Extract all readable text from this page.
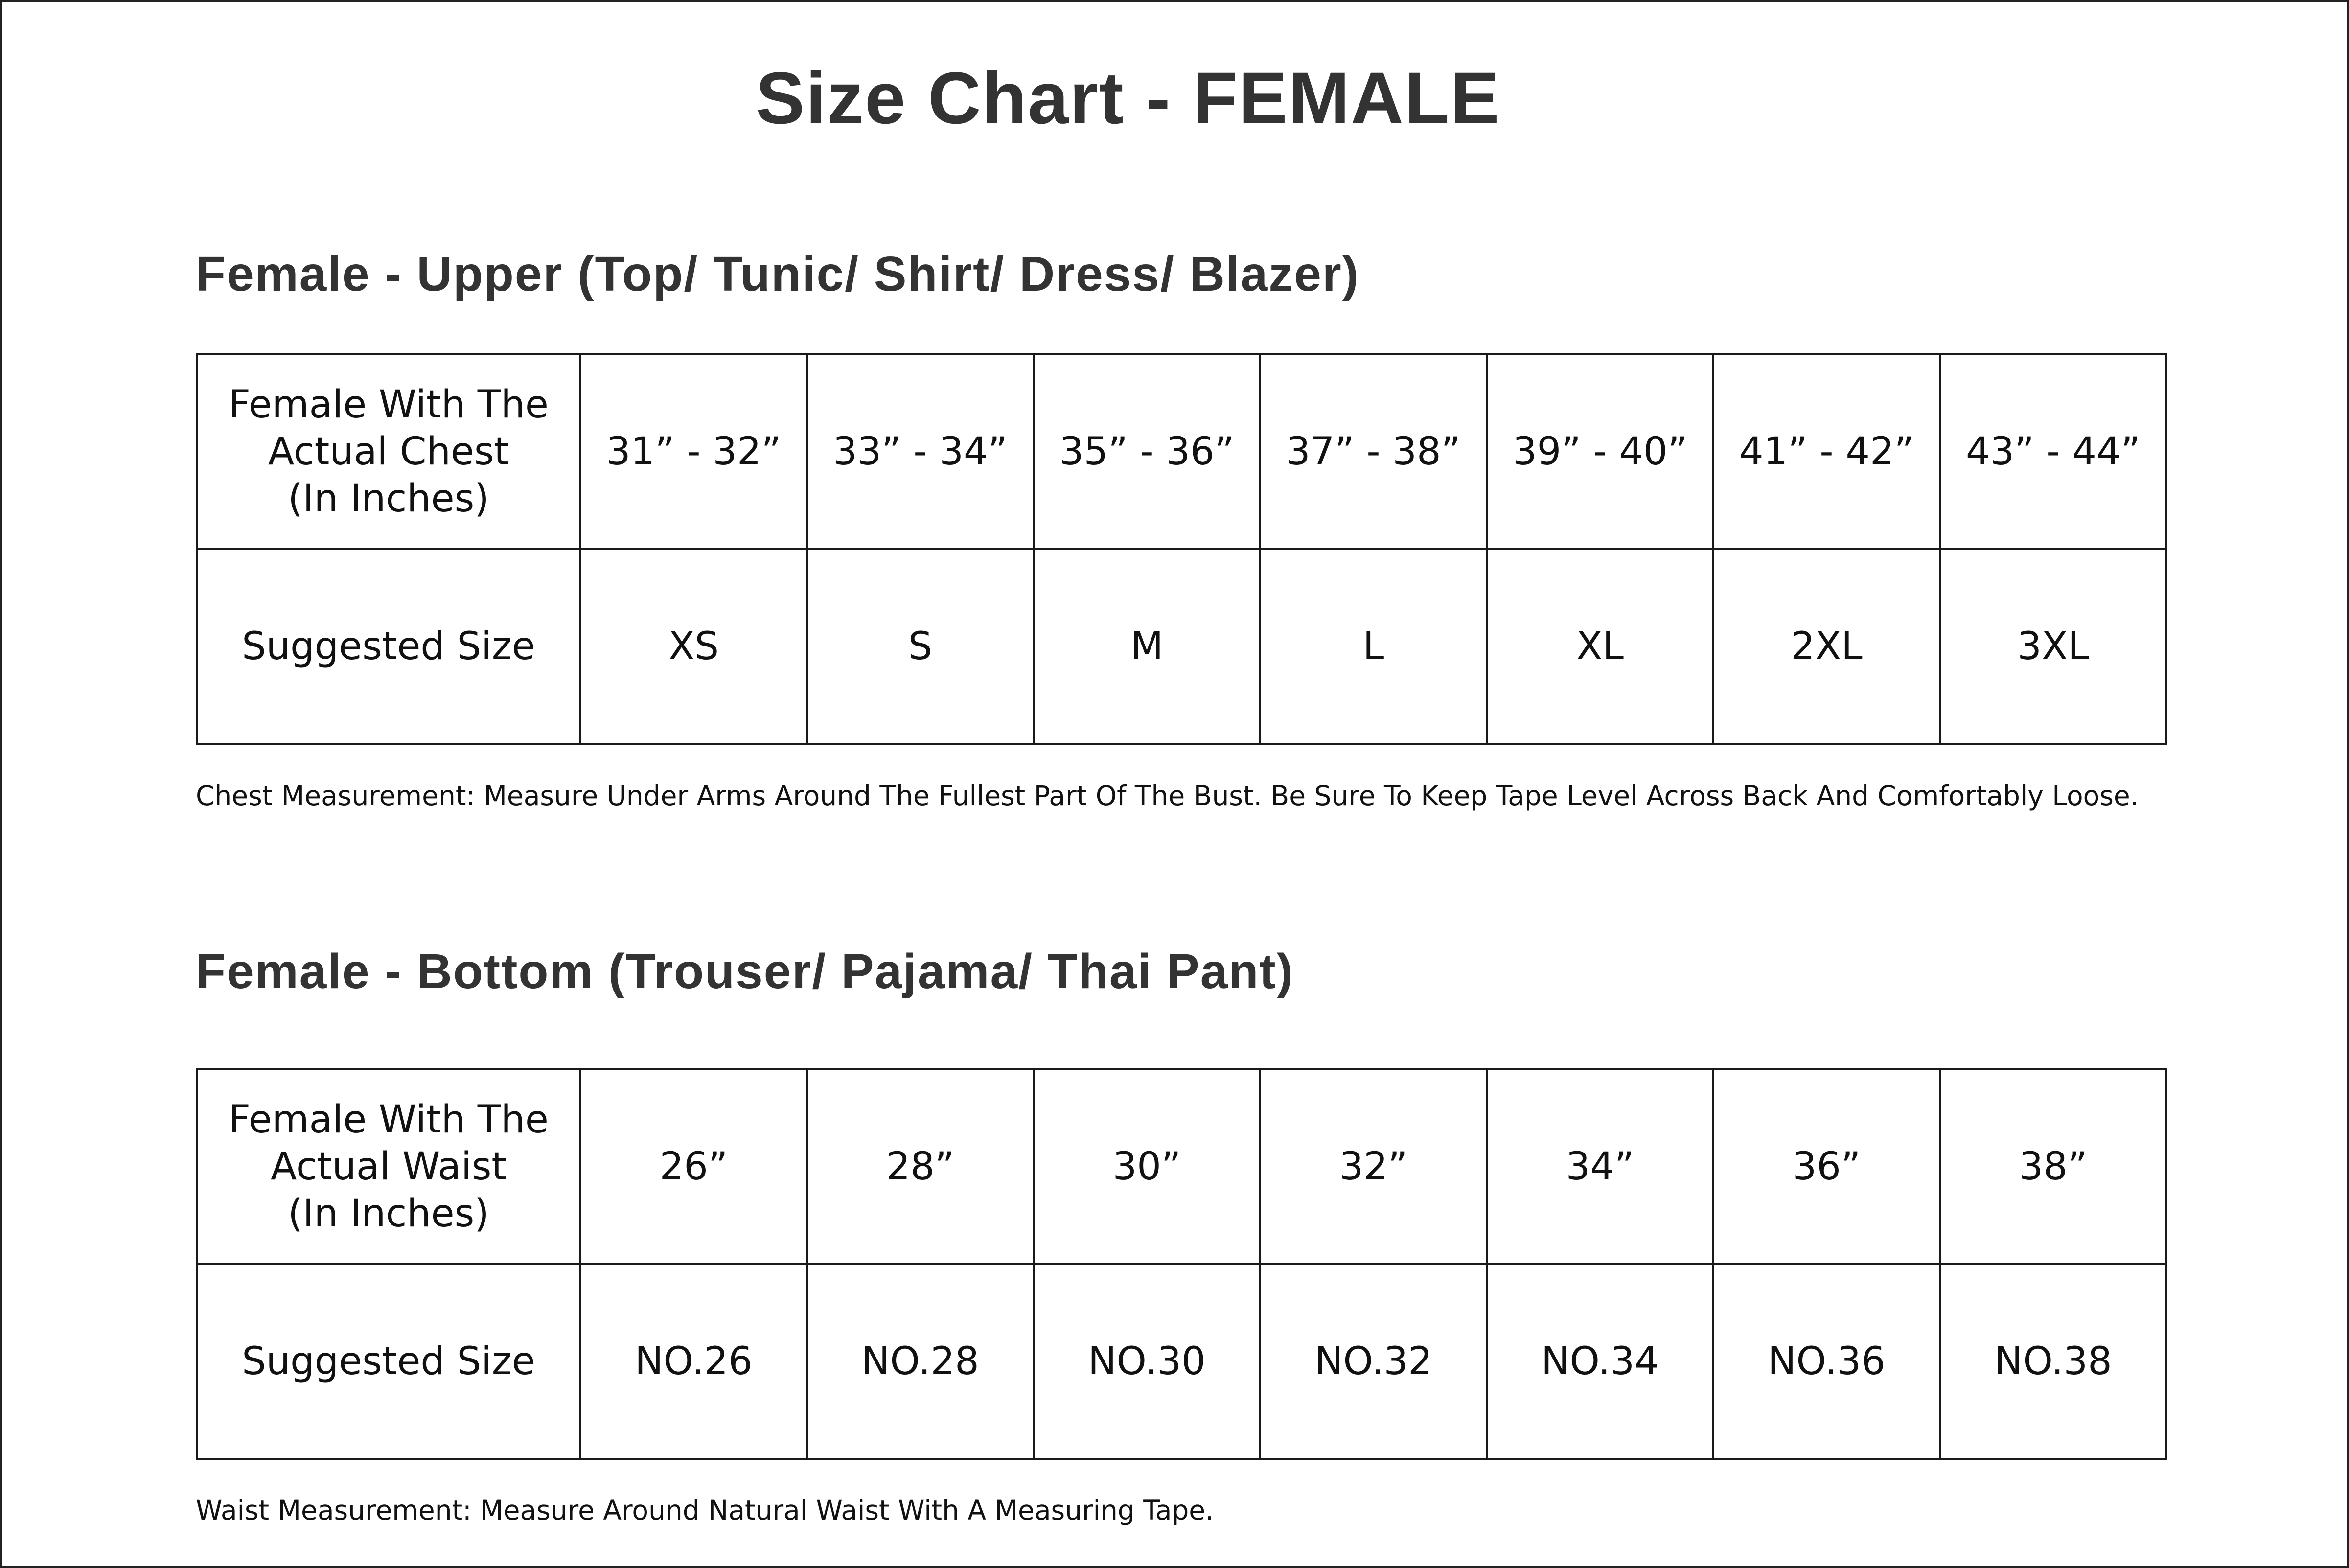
Size Chart - FEMALE
Female - Upper (Top/ Tunic/ Shirt/ Dress/ Blazer)
Female With The
Actual Chest
(In Inches)	31” - 32”	33” - 34”	35” - 36”	37” - 38”	39” - 40”	41” - 42”	43” - 44”
Suggested Size	XS	S	M	L	XL	2XL	3XL
Chest Measurement: Measure Under Arms Around The Fullest Part Of The Bust. Be Sure To Keep Tape Level Across Back And Comfortably Loose.
Female - Bottom (Trouser/ Pajama/ Thai Pant)
Female With The
Actual Waist
(In Inches)	26”	28”	30”	32”	34”	36”	38”
Suggested Size	NO.26	NO.28	NO.30	NO.32	NO.34	NO.36	NO.38
Waist Measurement: Measure Around Natural Waist With A Measuring Tape.
